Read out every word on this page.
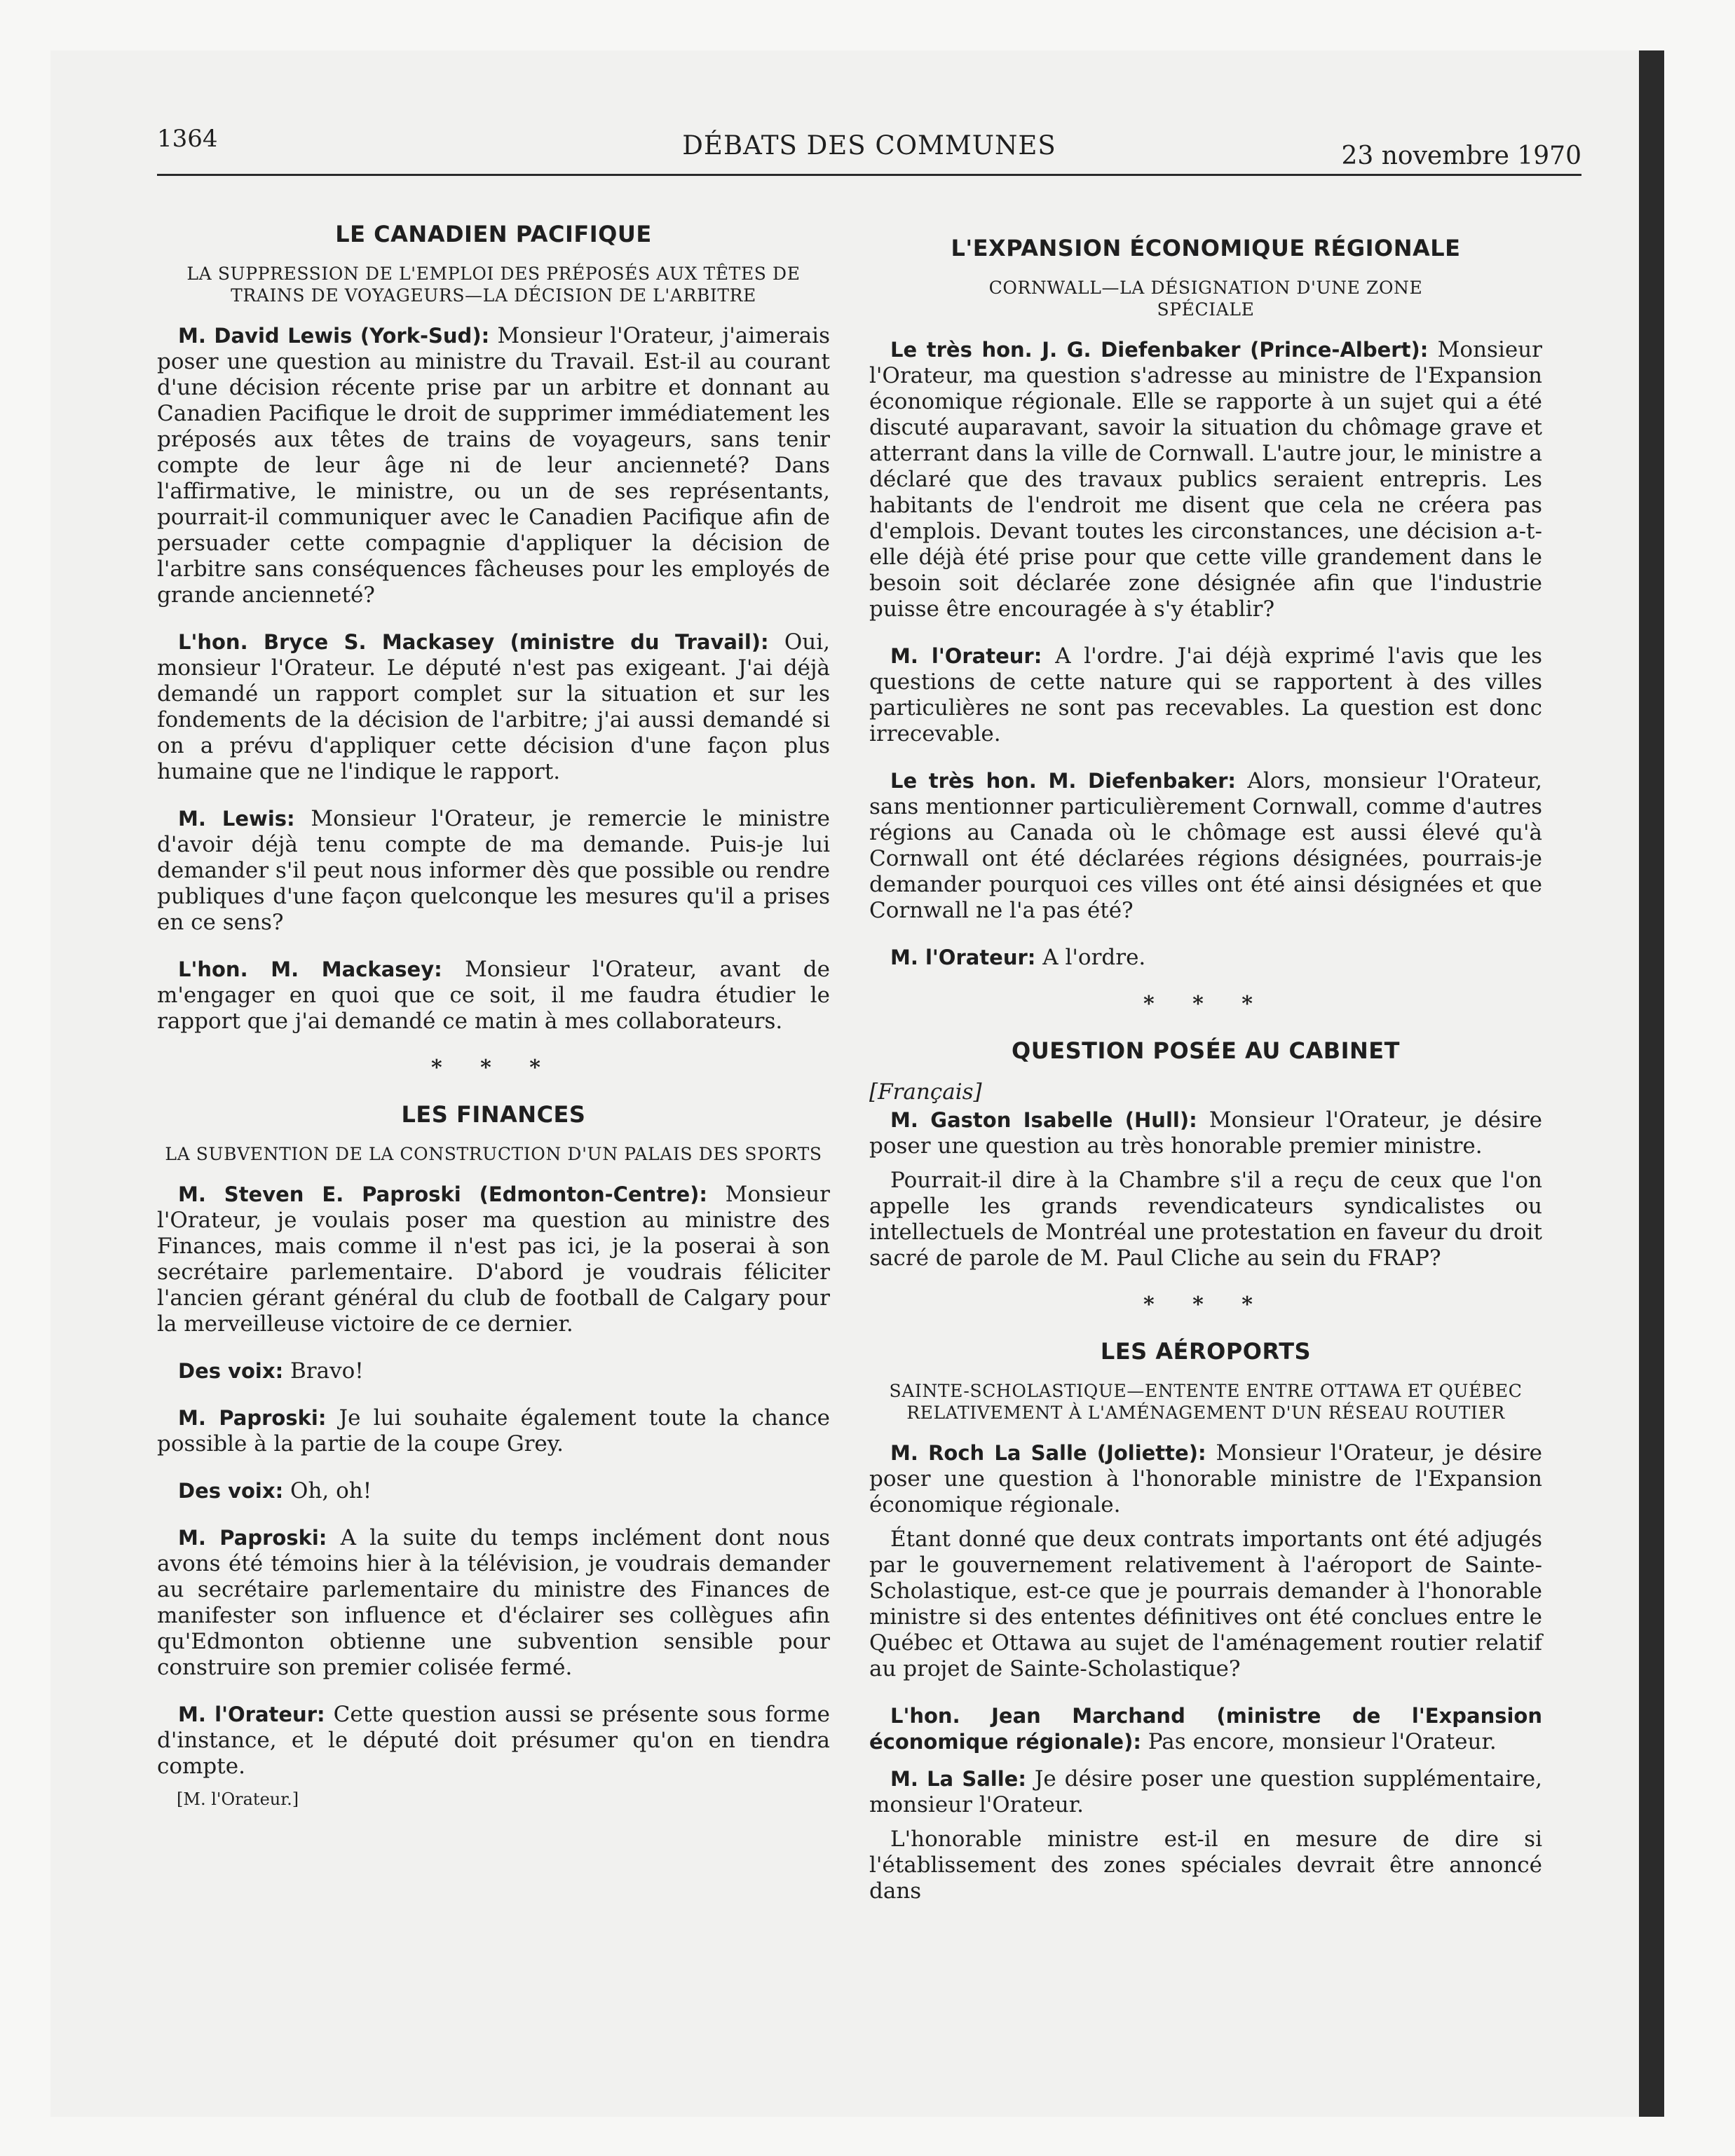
1364	DÉBATS DES COMMUNES	23 novembre 1970
LE CANADIEN PACIFIQUE
LA SUPPRESSION DE L'EMPLOI DES PRÉPOSÉS AUX TÊTES DE TRAINS DE VOYAGEURS—LA DÉCISION DE L'ARBITRE

M. David Lewis (York-Sud): Monsieur l'Orateur, j'aimerais poser une question au ministre du Travail. Est-il au courant d'une décision récente prise par un arbitre et donnant au Canadien Pacifique le droit de supprimer immédiatement les préposés aux têtes de trains de voyageurs, sans tenir compte de leur âge ni de leur ancienneté? Dans l'affirmative, le ministre, ou un de ses représentants, pourrait-il communiquer avec le Canadien Pacifique afin de persuader cette compagnie d'appliquer la décision de l'arbitre sans conséquences fâcheuses pour les employés de grande ancienneté?

L'hon. Bryce S. Mackasey (ministre du Travail): Oui, monsieur l'Orateur. Le député n'est pas exigeant. J'ai déjà demandé un rapport complet sur la situation et sur les fondements de la décision de l'arbitre; j'ai aussi demandé si on a prévu d'appliquer cette décision d'une façon plus humaine que ne l'indique le rapport.

M. Lewis: Monsieur l'Orateur, je remercie le ministre d'avoir déjà tenu compte de ma demande. Puis-je lui demander s'il peut nous informer dès que possible ou rendre publiques d'une façon quelconque les mesures qu'il a prises en ce sens?

L'hon. M. Mackasey: Monsieur l'Orateur, avant de m'engager en quoi que ce soit, il me faudra étudier le rapport que j'ai demandé ce matin à mes collaborateurs.

* * *
LES FINANCES
LA SUBVENTION DE LA CONSTRUCTION D'UN PALAIS DES SPORTS

M. Steven E. Paproski (Edmonton-Centre): Monsieur l'Orateur, je voulais poser ma question au ministre des Finances, mais comme il n'est pas ici, je la poserai à son secrétaire parlementaire. D'abord je voudrais féliciter l'ancien gérant général du club de football de Calgary pour la merveilleuse victoire de ce dernier.

Des voix: Bravo!

M. Paproski: Je lui souhaite également toute la chance possible à la partie de la coupe Grey.

Des voix: Oh, oh!

M. Paproski: A la suite du temps inclément dont nous avons été témoins hier à la télévision, je voudrais demander au secrétaire parlementaire du ministre des Finances de manifester son influence et d'éclairer ses collègues afin qu'Edmonton obtienne une subvention sensible pour construire son premier colisée fermé.

M. l'Orateur: Cette question aussi se présente sous forme d'instance, et le député doit présumer qu'on en tiendra compte.

[M. l'Orateur.]
L'EXPANSION ÉCONOMIQUE RÉGIONALE
CORNWALL—LA DÉSIGNATION D'UNE ZONE SPÉCIALE

Le très hon. J. G. Diefenbaker (Prince-Albert): Monsieur l'Orateur, ma question s'adresse au ministre de l'Expansion économique régionale. Elle se rapporte à un sujet qui a été discuté auparavant, savoir la situation du chômage grave et atterrant dans la ville de Cornwall. L'autre jour, le ministre a déclaré que des travaux publics seraient entrepris. Les habitants de l'endroit me disent que cela ne créera pas d'emplois. Devant toutes les circonstances, une décision a-t-elle déjà été prise pour que cette ville grandement dans le besoin soit déclarée zone désignée afin que l'industrie puisse être encouragée à s'y établir?

M. l'Orateur: A l'ordre. J'ai déjà exprimé l'avis que les questions de cette nature qui se rapportent à des villes particulières ne sont pas recevables. La question est donc irrecevable.

Le très hon. M. Diefenbaker: Alors, monsieur l'Orateur, sans mentionner particulièrement Cornwall, comme d'autres régions au Canada où le chômage est aussi élevé qu'à Cornwall ont été déclarées régions désignées, pourrais-je demander pourquoi ces villes ont été ainsi désignées et que Cornwall ne l'a pas été?

M. l'Orateur: A l'ordre.

* * *
QUESTION POSÉE AU CABINET
[Français]

M. Gaston Isabelle (Hull): Monsieur l'Orateur, je désire poser une question au très honorable premier ministre.

Pourrait-il dire à la Chambre s'il a reçu de ceux que l'on appelle les grands revendicateurs syndicalistes ou intellectuels de Montréal une protestation en faveur du droit sacré de parole de M. Paul Cliche au sein du FRAP?

* * *
LES AÉROPORTS
SAINTE-SCHOLASTIQUE—ENTENTE ENTRE OTTAWA ET QUÉBEC RELATIVEMENT À L'AMÉNAGEMENT D'UN RÉSEAU ROUTIER

M. Roch La Salle (Joliette): Monsieur l'Orateur, je désire poser une question à l'honorable ministre de l'Expansion économique régionale.

Étant donné que deux contrats importants ont été adjugés par le gouvernement relativement à l'aéroport de Sainte-Scholastique, est-ce que je pourrais demander à l'honorable ministre si des ententes définitives ont été conclues entre le Québec et Ottawa au sujet de l'aménagement routier relatif au projet de Sainte-Scholastique?

L'hon. Jean Marchand (ministre de l'Expansion économique régionale): Pas encore, monsieur l'Orateur.

M. La Salle: Je désire poser une question supplémentaire, monsieur l'Orateur.

L'honorable ministre est-il en mesure de dire si l'établissement des zones spéciales devrait être annoncé dans
